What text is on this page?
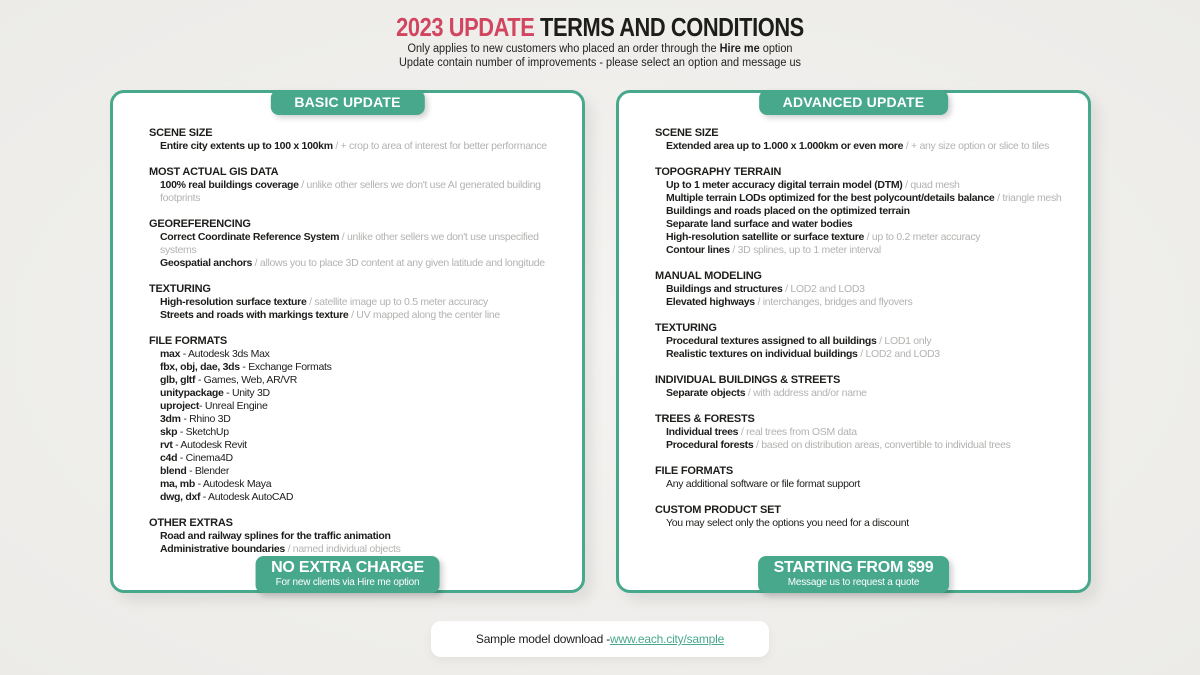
2023 UPDATE TERMS AND CONDITIONS

Only applies to new customers who placed an order through the Hire me option

Update contain number of improvements - please select an option and message us

BASIC UPDATE
SCENE SIZE
Entire city extents up to 100 x 100km / + crop to area of interest for better performance
MOST ACTUAL GIS DATA
100% real buildings coverage / unlike other sellers we don't use AI generated building footprints
GEOREFERENCING
Correct Coordinate Reference System / unlike other sellers we don't use unspecified systems
Geospatial anchors / allows you to place 3D content at any given latitude and longitude
TEXTURING
High-resolution surface texture / satellite image up to 0.5 meter accuracy
Streets and roads with markings texture / UV mapped along the center line
FILE FORMATS
max - Autodesk 3ds Max
fbx, obj, dae, 3ds - Exchange Formats
glb, gltf - Games, Web, AR/VR
unitypackage - Unity 3D
uproject- Unreal Engine
3dm - Rhino 3D
skp - SketchUp
rvt - Autodesk Revit
c4d - Cinema4D
blend - Blender
ma, mb - Autodesk Maya
dwg, dxf - Autodesk AutoCAD
OTHER EXTRAS
Road and railway splines for the traffic animation
Administrative boundaries / named individual objects
NO EXTRA CHARGE
For new clients via Hire me option
ADVANCED UPDATE
SCENE SIZE
Extended area up to 1.000 x 1.000km or even more / + any size option or slice to tiles
TOPOGRAPHY TERRAIN
Up to 1 meter accuracy digital terrain model (DTM) / quad mesh
Multiple terrain LODs optimized for the best polycount/details balance / triangle mesh
Buildings and roads placed on the optimized terrain
Separate land surface and water bodies
High-resolution satellite or surface texture / up to 0.2 meter accuracy
Contour lines / 3D splines, up to 1 meter interval
MANUAL MODELING
Buildings and structures / LOD2 and LOD3
Elevated highways / interchanges, bridges and flyovers
TEXTURING
Procedural textures assigned to all buildings / LOD1 only
Realistic textures on individual buildings / LOD2 and LOD3
INDIVIDUAL BUILDINGS & STREETS
Separate objects / with address and/or name
TREES & FORESTS
Individual trees / real trees from OSM data
Procedural forests / based on distribution areas, convertible to individual trees
FILE FORMATS
Any additional software or file format support
CUSTOM PRODUCT SET
You may select only the options you need for a discount
STARTING FROM $99
Message us to request a quote
Sample model download - www.each.city/sample
